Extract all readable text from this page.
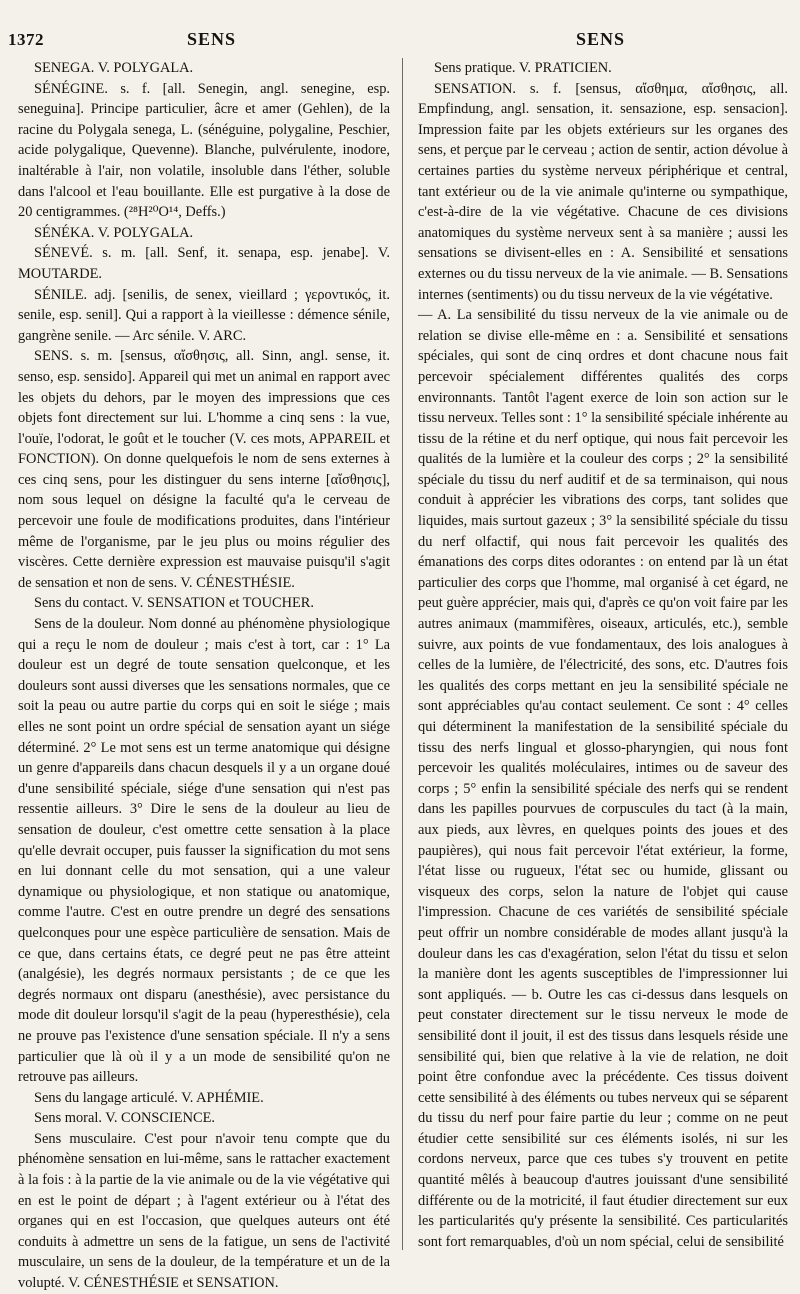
1372	SENS	SENS

SENEGA. V. POLYGALA.

SÉNÉGINE. s. f. [all. Senegin, angl. senegine, esp. seneguina]. Principe particulier, âcre et amer (Gehlen), de la racine du Polygala senega, L. (sénéguine, polygaline, Peschier, acide polygalique, Quevenne). Blanche, pulvérulente, inodore, inaltérable à l'air, non volatile, insoluble dans l'éther, soluble dans l'alcool et l'eau bouillante. Elle est purgative à la dose de 20 centigrammes. (²⁸H²⁰O¹⁴, Deffs.)

SÉNÉKA. V. POLYGALA.

SÉNEVÉ. s. m. [all. Senf, it. senapa, esp. jenabe]. V. MOUTARDE.

SÉNILE. adj. [senilis, de senex, vieillard ; γεροντικός, it. senile, esp. senil]. Qui a rapport à la vieillesse : démence sénile, gangrène senile. — Arc sénile. V. ARC.

SENS. s. m. [sensus, αἴσθησις, all. Sinn, angl. sense, it. senso, esp. sensido]. Appareil qui met un animal en rapport avec les objets du dehors, par le moyen des impressions que ces objets font directement sur lui. L'homme a cinq sens : la vue, l'ouïe, l'odorat, le goût et le toucher (V. ces mots, APPAREIL et FONCTION). On donne quelquefois le nom de sens externes à ces cinq sens, pour les distinguer du sens interne [αἴσθησις], nom sous lequel on désigne la faculté qu'a le cerveau de percevoir une foule de modifications produites, dans l'intérieur même de l'organisme, par le jeu plus ou moins régulier des viscères. Cette dernière expression est mauvaise puisqu'il s'agit de sensation et non de sens. V. CÉNESTHÉSIE.

Sens du contact. V. SENSATION et TOUCHER.

Sens de la douleur. Nom donné au phénomène physiologique qui a reçu le nom de douleur ; mais c'est à tort, car : 1° La douleur est un degré de toute sensation quelconque, et les douleurs sont aussi diverses que les sensations normales, que ce soit la peau ou autre partie du corps qui en soit le siége ; mais elles ne sont point un ordre spécial de sensation ayant un siége déterminé. 2° Le mot sens est un terme anatomique qui désigne un genre d'appareils dans chacun desquels il y a un organe doué d'une sensibilité spéciale, siége d'une sensation qui n'est pas ressentie ailleurs. 3° Dire le sens de la douleur au lieu de sensation de douleur, c'est omettre cette sensation à la place qu'elle devrait occuper, puis fausser la signification du mot sens en lui donnant celle du mot sensation, qui a une valeur dynamique ou physiologique, et non statique ou anatomique, comme l'autre. C'est en outre prendre un degré des sensations quelconques pour une espèce particulière de sensation. Mais de ce que, dans certains états, ce degré peut ne pas être atteint (analgésie), les degrés normaux persistants ; de ce que les degrés normaux ont disparu (anesthésie), avec persistance du mode dit douleur lorsqu'il s'agit de la peau (hyperesthésie), cela ne prouve pas l'existence d'une sensation spéciale. Il n'y a sens particulier que là où il y a un mode de sensibilité qu'on ne retrouve pas ailleurs.

Sens du langage articulé. V. APHÉMIE.

Sens moral. V. CONSCIENCE.

Sens musculaire. C'est pour n'avoir tenu compte que du phénomène sensation en lui-même, sans le rattacher exactement à la fois : à la partie de la vie animale ou de la vie végétative qui en est le point de départ ; à l'agent extérieur ou à l'état des organes qui en est l'occasion, que quelques auteurs ont été conduits à admettre un sens de la fatigue, un sens de l'activité musculaire, un sens de la douleur, de la température et un de la volupté. V. CÉNESTHÉSIE et SENSATION.

Sens pratique. V. PRATICIEN.

SENSATION. s. f. [sensus, αἴσθημα, αἴσθησις, all. Empfindung, angl. sensation, it. sensazione, esp. sensacion]. Impression faite par les objets extérieurs sur les organes des sens, et perçue par le cerveau ; action de sentir, action dévolue à certaines parties du système nerveux périphérique et central, tant extérieur ou de la vie animale qu'interne ou sympathique, c'est-à-dire de la vie végétative. Chacune de ces divisions anatomiques du système nerveux sent à sa manière ; aussi les sensations se divisent-elles en : A. Sensibilité et sensations externes ou du tissu nerveux de la vie animale. — B. Sensations internes (sentiments) ou du tissu nerveux de la vie végétative.

— A. La sensibilité du tissu nerveux de la vie animale ou de relation se divise elle-même en : a. Sensibilité et sensations spéciales, qui sont de cinq ordres et dont chacune nous fait percevoir spécialement différentes qualités des corps environnants. Tantôt l'agent exerce de loin son action sur le tissu nerveux. Telles sont : 1° la sensibilité spéciale inhérente au tissu de la rétine et du nerf optique, qui nous fait percevoir les qualités de la lumière et la couleur des corps ; 2° la sensibilité spéciale du tissu du nerf auditif et de sa terminaison, qui nous conduit à apprécier les vibrations des corps, tant solides que liquides, mais surtout gazeux ; 3° la sensibilité spéciale du tissu du nerf olfactif, qui nous fait percevoir les qualités des émanations des corps dites odorantes : on entend par là un état particulier des corps que l'homme, mal organisé à cet égard, ne peut guère apprécier, mais qui, d'après ce qu'on voit faire par les autres animaux (mammifères, oiseaux, articulés, etc.), semble suivre, aux points de vue fondamentaux, des lois analogues à celles de la lumière, de l'électricité, des sons, etc. D'autres fois les qualités des corps mettant en jeu la sensibilité spéciale ne sont appréciables qu'au contact seulement. Ce sont : 4° celles qui déterminent la manifestation de la sensibilité spéciale du tissu des nerfs lingual et glosso-pharyngien, qui nous font percevoir les qualités moléculaires, intimes ou de saveur des corps ; 5° enfin la sensibilité spéciale des nerfs qui se rendent dans les papilles pourvues de corpuscules du tact (à la main, aux pieds, aux lèvres, en quelques points des joues et des paupières), qui nous fait percevoir l'état extérieur, la forme, l'état lisse ou rugueux, l'état sec ou humide, glissant ou visqueux des corps, selon la nature de l'objet qui cause l'impression. Chacune de ces variétés de sensibilité spéciale peut offrir un nombre considérable de modes allant jusqu'à la douleur dans les cas d'exagération, selon l'état du tissu et selon la manière dont les agents susceptibles de l'impressionner lui sont appliqués. — b. Outre les cas ci-dessus dans lesquels on peut constater directement sur le tissu nerveux le mode de sensibilité dont il jouit, il est des tissus dans lesquels réside une sensibilité qui, bien que relative à la vie de relation, ne doit point être confondue avec la précédente. Ces tissus doivent cette sensibilité à des éléments ou tubes nerveux qui se séparent du tissu du nerf pour faire partie du leur ; comme on ne peut étudier cette sensibilité sur ces éléments isolés, ni sur les cordons nerveux, parce que ces tubes s'y trouvent en petite quantité mêlés à beaucoup d'autres jouissant d'une sensibilité différente ou de la motricité, il faut étudier directement sur eux les particularités qu'y présente la sensibilité. Ces particularités sont fort remarquables, d'où un nom spécial, celui de sensibilité
